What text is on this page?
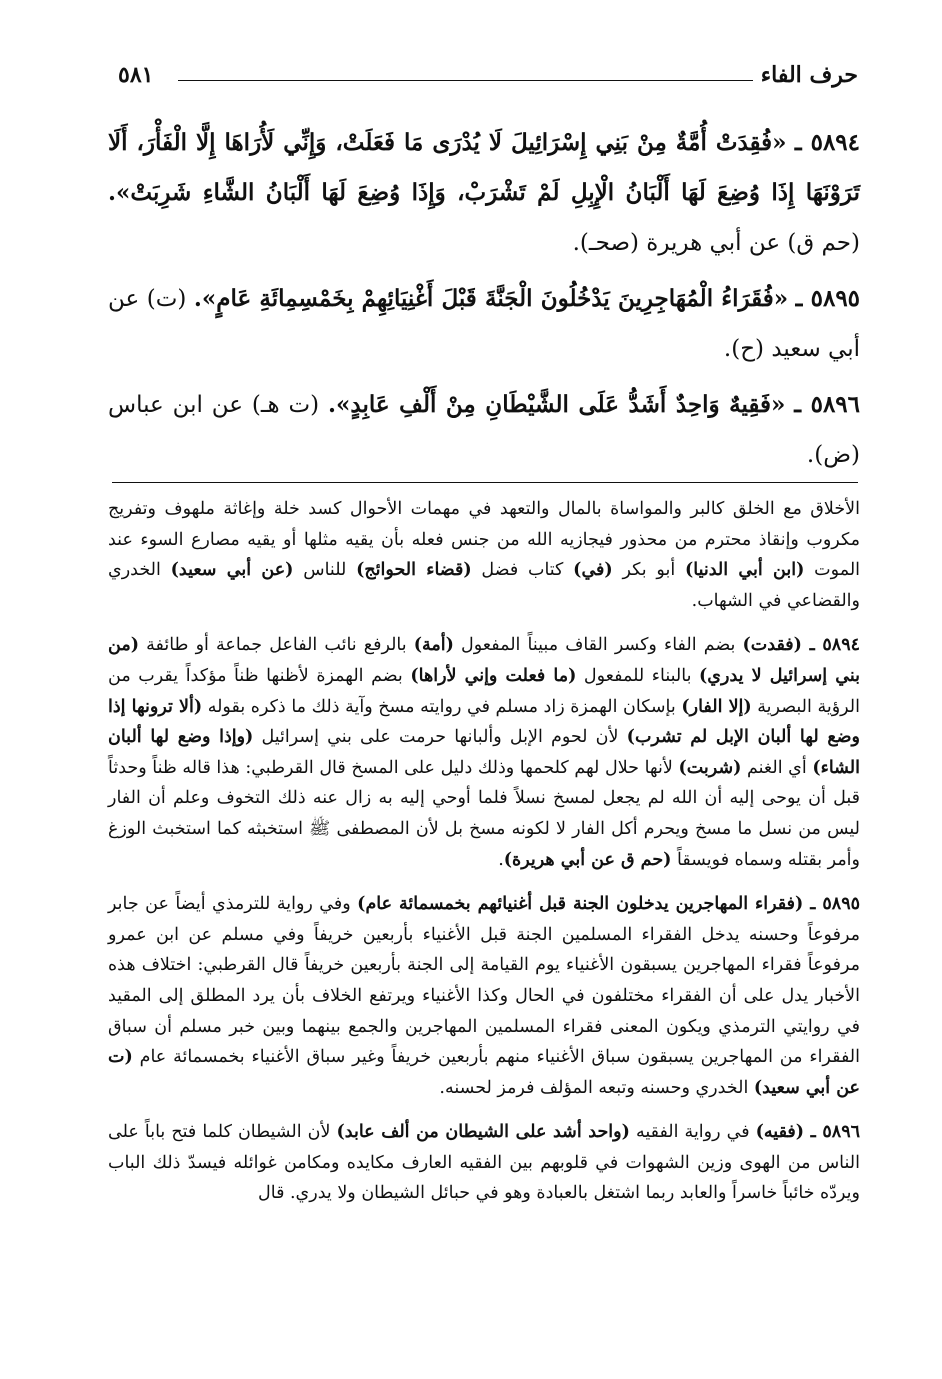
حرف الفاء
٥٨١

٥٨٩٤ ـ «فُقِدَتْ أُمَّةٌ مِنْ بَنِي إِسْرَائِيلَ لَا يُدْرَى مَا فَعَلَتْ، وَإِنِّي لَأُرَاهَا إِلَّا الْفَأْرَ، أَلَا تَرَوْنَهَا إِذَا وُضِعَ لَهَا أَلْبَانُ الْإِبِلِ لَمْ تَشْرَبْ، وَإِذَا وُضِعَ لَهَا أَلْبَانُ الشَّاءِ شَرِبَتْ». (حم ق) عن أبي هريرة (صحـ).

٥٨٩٥ ـ «فُقَرَاءُ الْمُهَاجِرِينَ يَدْخُلُونَ الْجَنَّةَ قَبْلَ أَغْنِيَائِهِمْ بِخَمْسِمِائَةِ عَامٍ». (ت) عن أبي سعيد (ح).

٥٨٩٦ ـ «فَقِيهٌ وَاحِدٌ أَشَدُّ عَلَى الشَّيْطَانِ مِنْ أَلْفِ عَابِدٍ». (ت هـ) عن ابن عباس (ض).

الأخلاق مع الخلق كالبر والمواساة بالمال والتعهد في مهمات الأحوال كسد خلة وإغاثة ملهوف وتفريج مكروب وإنقاذ محترم من محذور فيجازيه الله من جنس فعله بأن يقيه مثلها أو يقيه مصارع السوء عند الموت (ابن أبي الدنيا) أبو بكر (في) كتاب فضل (قضاء الحوائج) للناس (عن أبي سعيد) الخدري والقضاعي في الشهاب.

٥٨٩٤ ـ (فقدت) بضم الفاء وكسر القاف مبيناً المفعول (أمة) بالرفع نائب الفاعل جماعة أو طائفة (من بني إسرائيل لا يدري) بالبناء للمفعول (ما فعلت وإني لأراها) بضم الهمزة لأظنها ظناً مؤكداً يقرب من الرؤية البصرية (إلا الفار) بإسكان الهمزة زاد مسلم في روايته مسخ وآية ذلك ما ذكره بقوله (ألا ترونها إذا وضع لها ألبان الإبل لم تشرب) لأن لحوم الإبل وألبانها حرمت على بني إسرائيل (وإذا وضع لها ألبان الشاء) أي الغنم (شربت) لأنها حلال لهم كلحمها وذلك دليل على المسخ قال القرطبي: هذا قاله ظناً وحدثاً قبل أن يوحى إليه أن الله لم يجعل لمسخ نسلاً فلما أوحي إليه به زال عنه ذلك التخوف وعلم أن الفار ليس من نسل ما مسخ ويحرم أكل الفار لا لكونه مسخ بل لأن المصطفى ﷺ استخبثه كما استخبث الوزغ وأمر بقتله وسماه فويسقاً (حم ق عن أبي هريرة).

٥٨٩٥ ـ (فقراء المهاجرين يدخلون الجنة قبل أغنيائهم بخمسمائة عام) وفي رواية للترمذي أيضاً عن جابر مرفوعاً وحسنه يدخل الفقراء المسلمين الجنة قبل الأغنياء بأربعين خريفاً وفي مسلم عن ابن عمرو مرفوعاً فقراء المهاجرين يسبقون الأغنياء يوم القيامة إلى الجنة بأربعين خريفاً قال القرطبي: اختلاف هذه الأخبار يدل على أن الفقراء مختلفون في الحال وكذا الأغنياء ويرتفع الخلاف بأن يرد المطلق إلى المقيد في روايتي الترمذي ويكون المعنى فقراء المسلمين المهاجرين والجمع بينهما وبين خبر مسلم أن سباق الفقراء من المهاجرين يسبقون سباق الأغنياء منهم بأربعين خريفاً وغير سباق الأغنياء بخمسمائة عام (ت عن أبي سعيد) الخدري وحسنه وتبعه المؤلف فرمز لحسنه.

٥٨٩٦ ـ (فقيه) في رواية الفقيه (واحد أشد على الشيطان من ألف عابد) لأن الشيطان كلما فتح باباً على الناس من الهوى وزين الشهوات في قلوبهم بين الفقيه العارف مكايده ومكامن غوائله فيسدّ ذلك الباب ويردّه خائباً خاسراً والعابد ربما اشتغل بالعبادة وهو في حبائل الشيطان ولا يدري. قال
